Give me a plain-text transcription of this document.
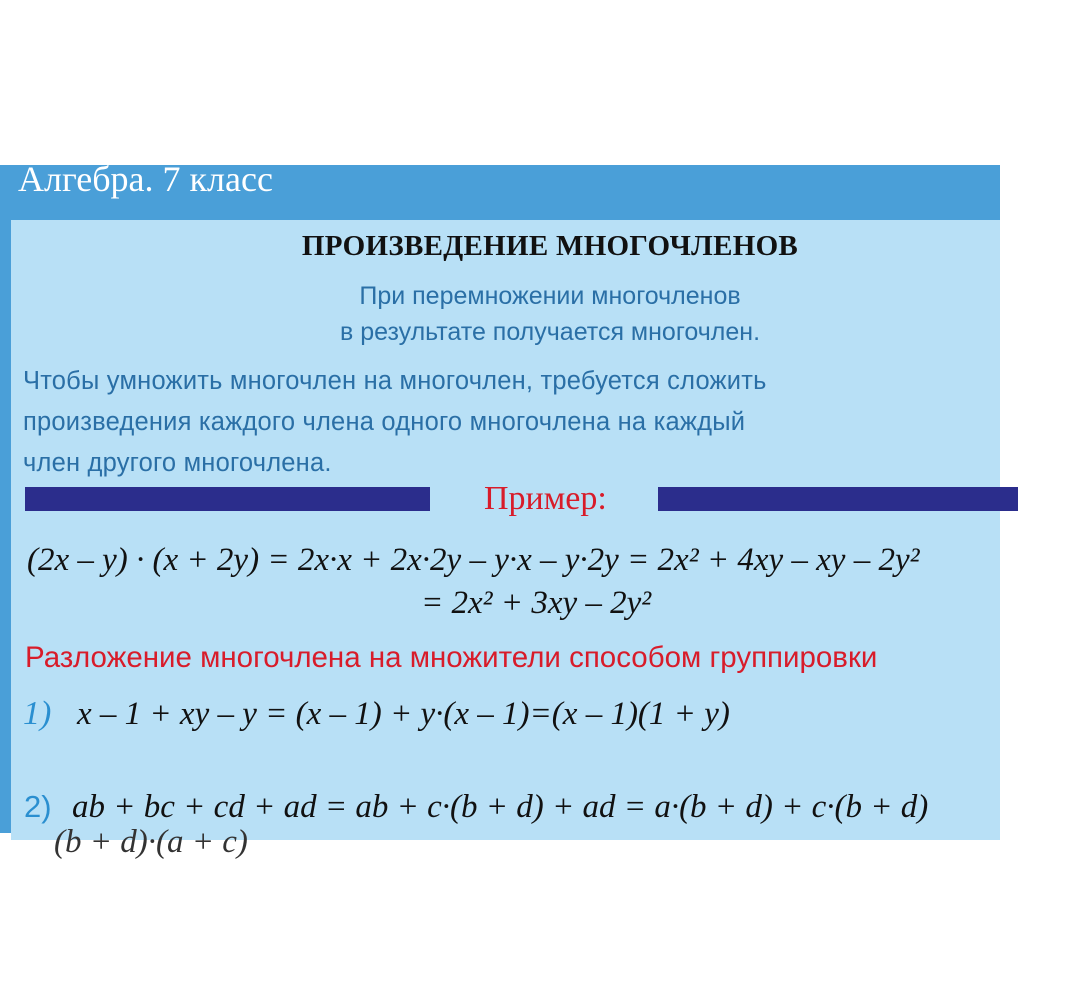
Алгебра. 7 класс
ПРОИЗВЕДЕНИЕ МНОГОЧЛЕНОВ
При перемножении многочленов
в результате получается многочлен.
Чтобы умножить многочлен на многочлен, требуется сложить
произведения каждого члена одного многочлена на каждый
член другого многочлена.
Пример:
(2x – y) · (x + 2y) = 2x·x + 2x·2y – y·x – y·2y = 2x² + 4xy – xy – 2y²
= 2x² + 3xy – 2y²
Разложение многочлена на множители способом группировки
1) x – 1 + xy – y = (x – 1) + y·(x – 1)=(x – 1)(1 + y)
2) ab + bc + cd + ad = ab + c·(b + d) + ad = a·(b + d) + c·(b + d)
(b + d)·(a + c)
